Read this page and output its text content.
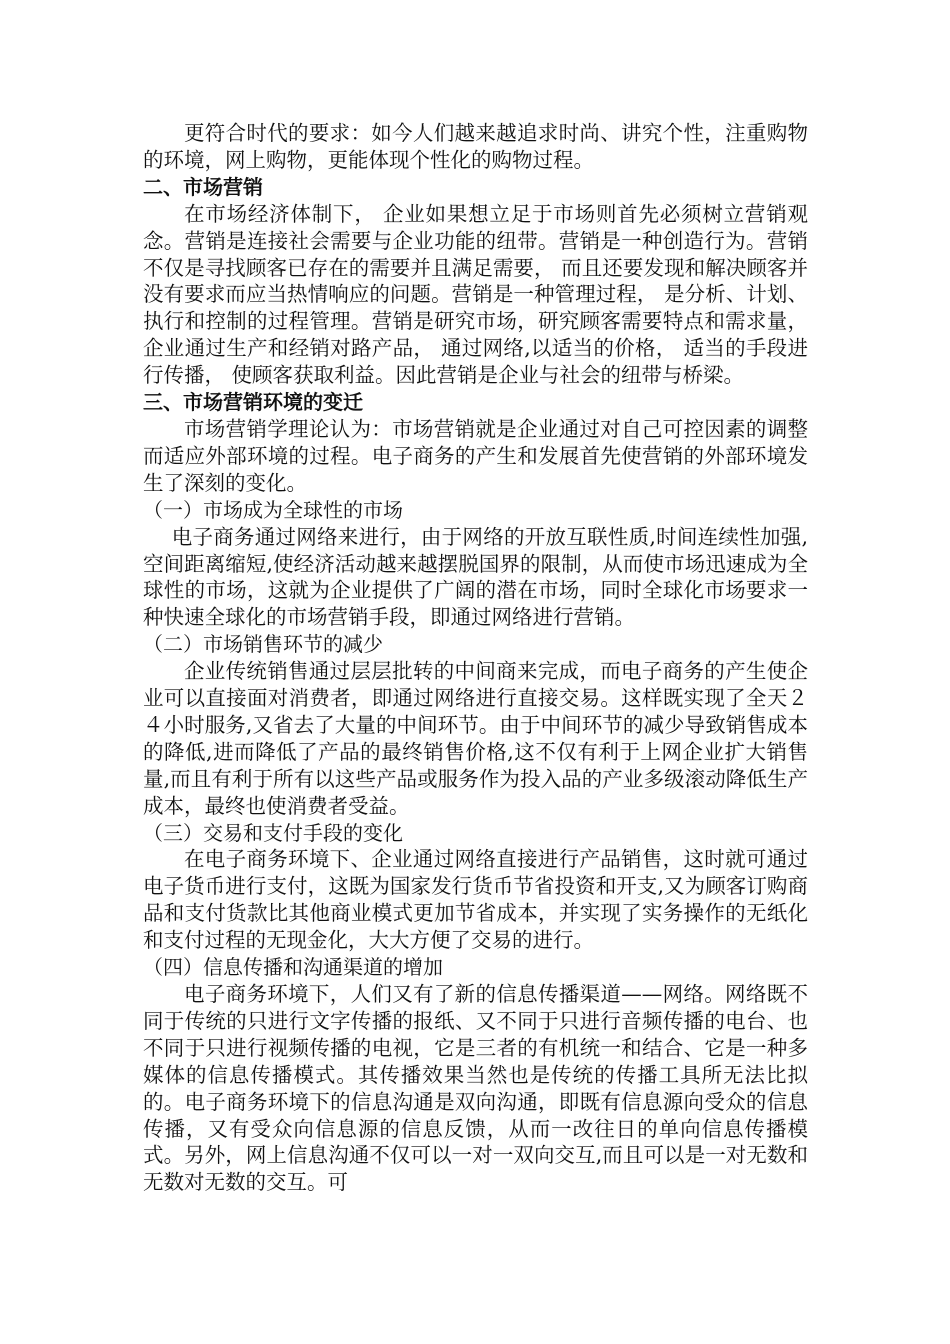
更符合时代的要求：如今人们越来越追求时尚、讲究个性，注重购物的环境，网上购物，更能体现个性化的购物过程。

二、市场营销

在市场经济体制下， 企业如果想立足于市场则首先必须树立营销观念。营销是连接社会需要与企业功能的纽带。营销是一种创造行为。营销不仅是寻找顾客已存在的需要并且满足需要， 而且还要发现和解决顾客并没有要求而应当热情响应的问题。营销是一种管理过程， 是分析、计划、执行和控制的过程管理。营销是研究市场，研究顾客需要特点和需求量， 企业通过生产和经销对路产品， 通过网络,以适当的价格， 适当的手段进行传播， 使顾客获取利益。因此营销是企业与社会的纽带与桥梁。

三、市场营销环境的变迁

市场营销学理论认为：市场营销就是企业通过对自己可控因素的调整而适应外部环境的过程。电子商务的产生和发展首先使营销的外部环境发生了深刻的变化。

（一）市场成为全球性的市场

电子商务通过网络来进行，由于网络的开放互联性质,时间连续性加强,空间距离缩短,使经济活动越来越摆脱国界的限制，从而使市场迅速成为全球性的市场，这就为企业提供了广阔的潜在市场，同时全球化市场要求一种快速全球化的市场营销手段，即通过网络进行营销。

（二）市场销售环节的减少

企业传统销售通过层层批转的中间商来完成，而电子商务的产生使企业可以直接面对消费者，即通过网络进行直接交易。这样既实现了全天２４小时服务,又省去了大量的中间环节。由于中间环节的减少导致销售成本的降低,进而降低了产品的最终销售价格,这不仅有利于上网企业扩大销售量,而且有利于所有以这些产品或服务作为投入品的产业多级滚动降低生产成本，最终也使消费者受益。

（三）交易和支付手段的变化

在电子商务环境下、企业通过网络直接进行产品销售，这时就可通过电子货币进行支付，这既为国家发行货币节省投资和开支,又为顾客订购商品和支付货款比其他商业模式更加节省成本，并实现了实务操作的无纸化和支付过程的无现金化，大大方便了交易的进行。

（四）信息传播和沟通渠道的增加

电子商务环境下，人们又有了新的信息传播渠道——网络。网络既不同于传统的只进行文字传播的报纸、又不同于只进行音频传播的电台、也不同于只进行视频传播的电视，它是三者的有机统一和结合、它是一种多媒体的信息传播模式。其传播效果当然也是传统的传播工具所无法比拟的。电子商务环境下的信息沟通是双向沟通，即既有信息源向受众的信息传播，又有受众向信息源的信息反馈，从而一改往日的单向信息传播模式。另外，网上信息沟通不仅可以一对一双向交互,而且可以是一对无数和无数对无数的交互。可
